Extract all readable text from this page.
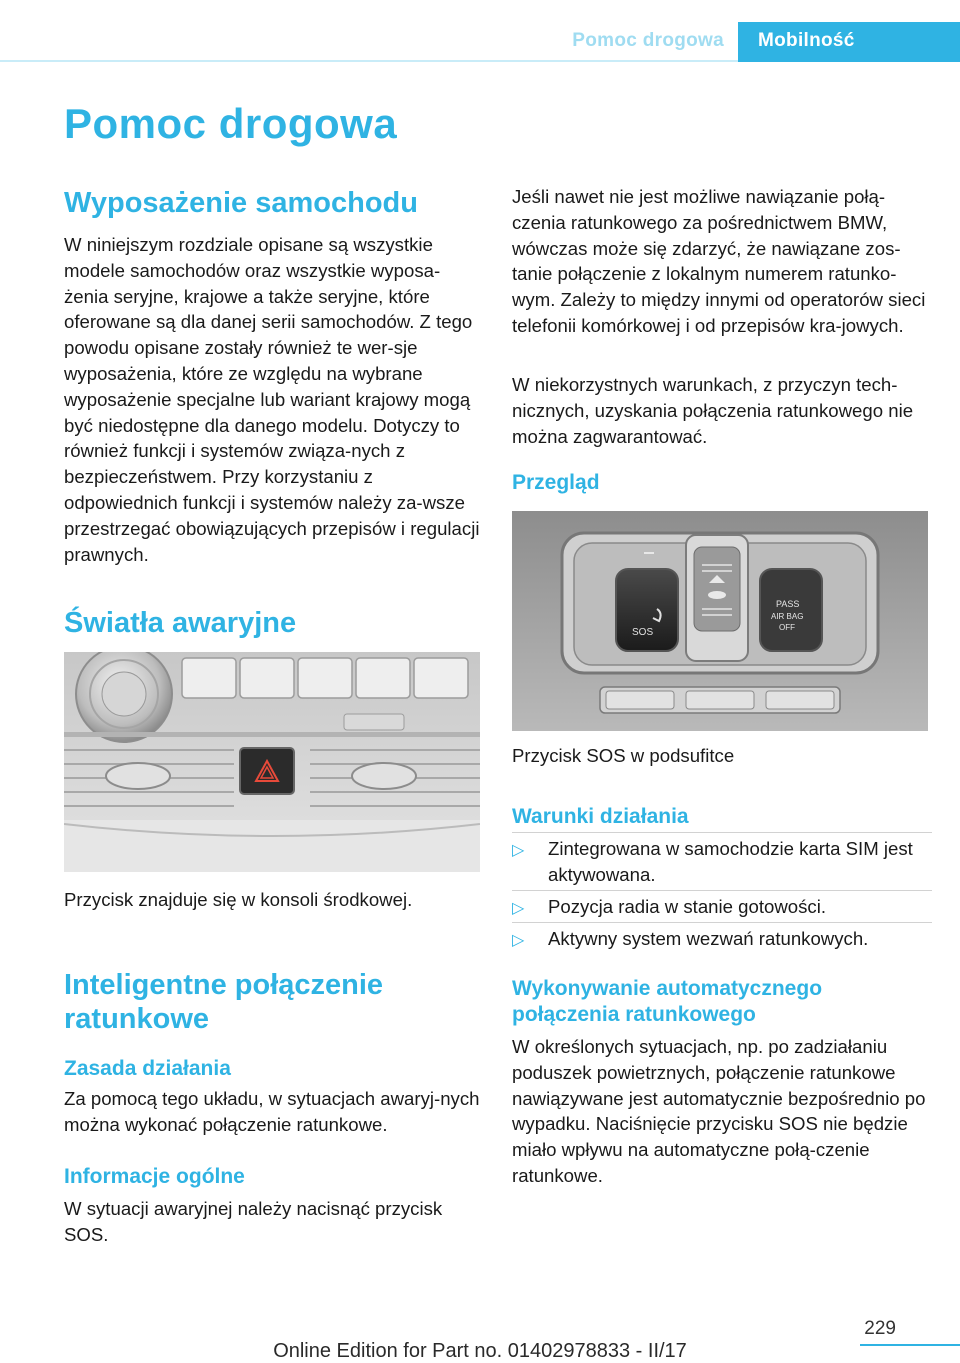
Pomoc drogowa Mobilność
Pomoc drogowa
Wyposażenie samochodu

W niniejszym rozdziale opisane są wszystkie modele samochodów oraz wszystkie wyposa‐żenia seryjne, krajowe a także seryjne, które oferowane są dla danej serii samochodów. Z tego powodu opisane zostały również te wer‐sje wyposażenia, które ze względu na wybrane wyposażenie specjalne lub wariant krajowy mogą być niedostępne dla danego modelu. Dotyczy to również funkcji i systemów związa‐nych z bezpieczeństwem. Przy korzystaniu z odpowiednich funkcji i systemów należy za‐wsze przestrzegać obowiązujących przepisów i regulacji prawnych.

Światła awaryjne

Przycisk znajduje się w konsoli środkowej.

Inteligentne połączenie ratunkowe
Zasada działania

Za pomocą tego układu, w sytuacjach awaryj‐nych można wykonać połączenie ratunkowe.

Informacje ogólne

W sytuacji awaryjnej należy nacisnąć przycisk SOS.

Jeśli nawet nie jest możliwe nawiązanie połą‐czenia ratunkowego za pośrednictwem BMW, wówczas może się zdarzyć, że nawiązane zos‐tanie połączenie z lokalnym numerem ratunko‐wym. Zależy to między innymi od operatorów sieci telefonii komórkowej i od przepisów kra‐jowych.

W niekorzystnych warunkach, z przyczyn tech‐nicznych, uzyskania połączenia ratunkowego nie można zagwarantować.

Przegląd
SOS
PASS
AIR BAG
OFF

Przycisk SOS w podsufitce

Warunki działania
▷	Zintegrowana w samochodzie karta SIM jest aktywowana.
▷	Pozycja radia w stanie gotowości.
▷	Aktywny system wezwań ratunkowych.
Wykonywanie automatycznego połączenia ratunkowego

W określonych sytuacjach, np. po zadziałaniu poduszek powietrznych, połączenie ratunkowe nawiązywane jest automatycznie bezpośrednio po wypadku. Naciśnięcie przycisku SOS nie będzie miało wpływu na automatyczne połą‐czenie ratunkowe.

229
Online Edition for Part no. 01402978833 - II/17
